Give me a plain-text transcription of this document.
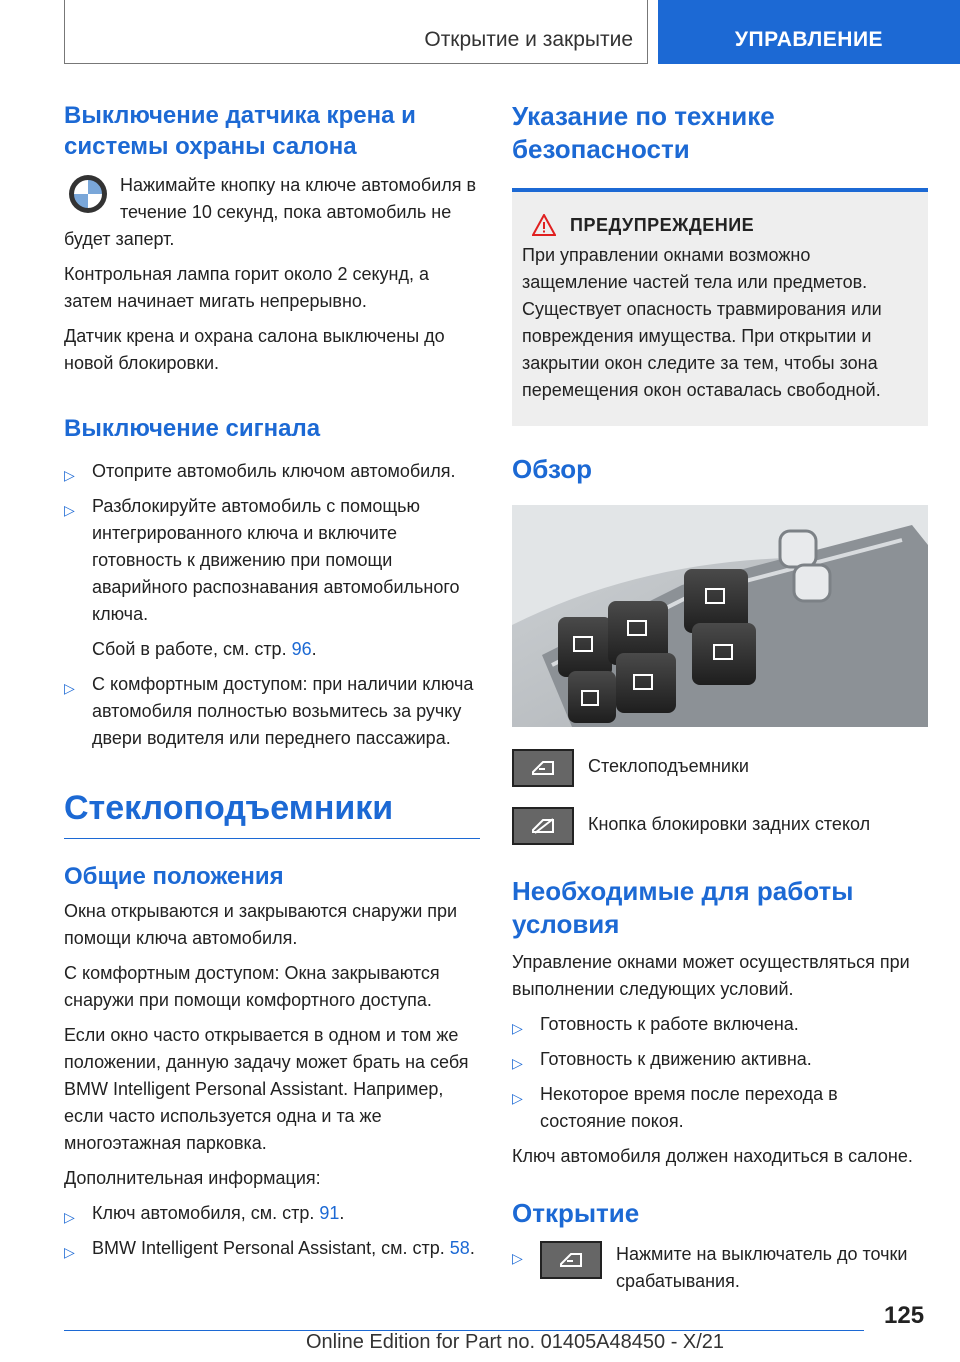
Открытие и закрытие	УПРАВЛЕНИЕ
Выключение датчика крена и системы охраны салона

Нажимайте кнопку на ключе автомобиля в течение 10 секунд, пока автомобиль не будет заперт.

Контрольная лампа горит около 2 секунд, а затем начинает мигать непрерывно.

Датчик крена и охрана салона выключены до новой блокировки.

Выключение сигнала
▷ Отоприте автомобиль ключом автомобиля.
▷ Разблокируйте автомобиль с помощью интегрированного ключа и включите готовность к движению при помощи аварийного распознавания автомобильного ключа.
Сбой в работе, см. стр. 96.
▷ С комфортным доступом: при наличии ключа автомобиля полностью возьмитесь за ручку двери водителя или переднего пассажира.
Стеклоподъемники
Общие положения

Окна открываются и закрываются снаружи при помощи ключа автомобиля.

С комфортным доступом: Окна закрываются снаружи при помощи комфортного доступа.

Если окно часто открывается в одном и том же положении, данную задачу может брать на себя BMW Intelligent Personal Assistant. Например, если часто используется одна и та же многоэтажная парковка.

Дополнительная информация:

▷ Ключ автомобиля, см. стр. 91.
▷ BMW Intelligent Personal Assistant, см. стр. 58.
Указание по технике безопасности
ПРЕДУПРЕЖДЕНИЕ

При управлении окнами возможно защемление частей тела или предметов. Существует опасность травмирования или повреждения имущества. При открытии и закрытии окон следите за тем, чтобы зона перемещения окон оставалась свободной.

Обзор

Стеклоподъемники

Кнопка блокировки задних стекол

Необходимые для работы условия

Управление окнами может осуществляться при выполнении следующих условий.

▷ Готовность к работе включена.
▷ Готовность к движению активна.
▷ Некоторое время после перехода в состояние покоя.

Ключ автомобиля должен находиться в салоне.

Открытие
▷	Нажмите на выключатель до точки срабатывания.
125
Online Edition for Part no. 01405A48450 - X/21
